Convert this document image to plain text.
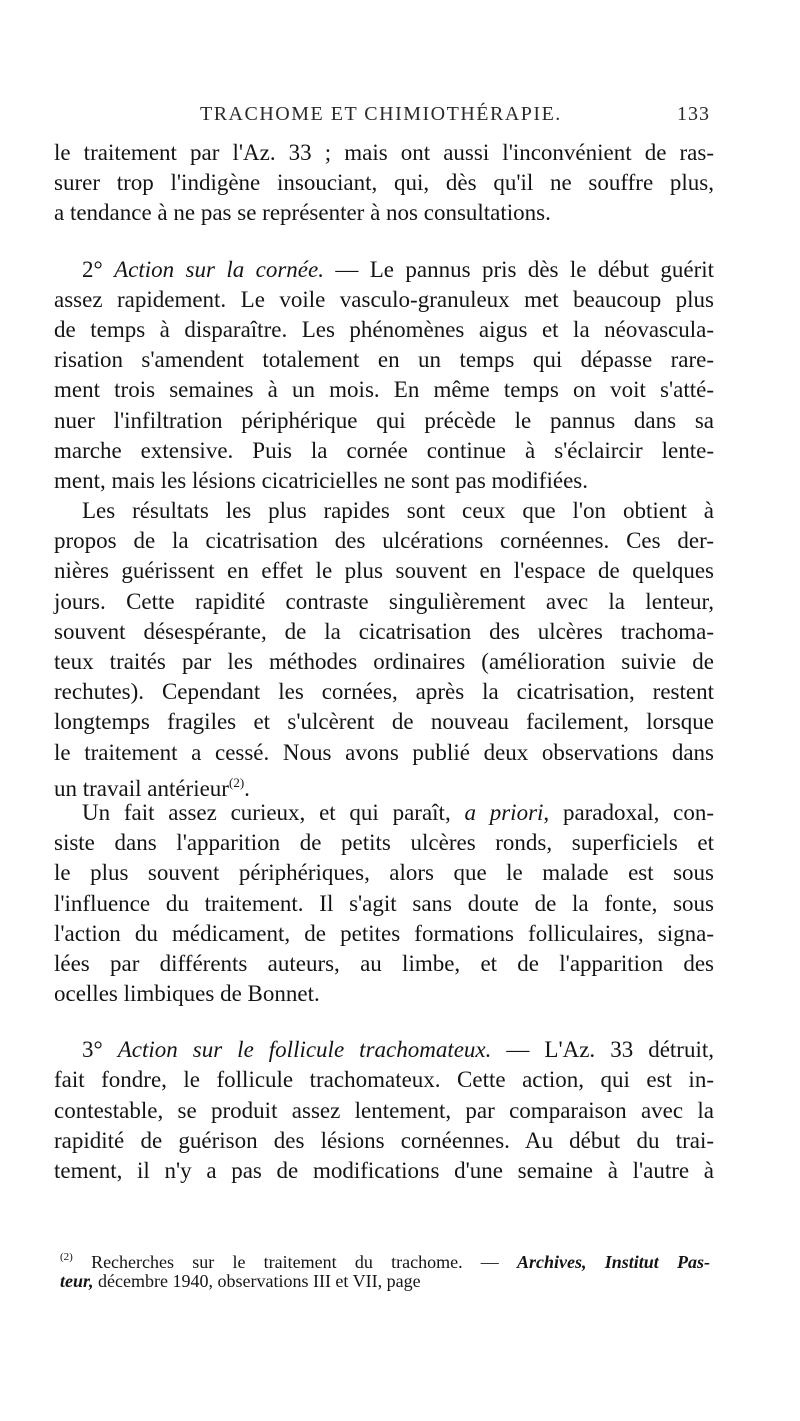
TRACHOME ET CHIMIOTHÉRAPIE.	133
le traitement par l'Az. 33 ; mais ont aussi l'inconvénient de ras-
surer trop l'indigène insouciant, qui, dès qu'il ne souffre plus,
a tendance à ne pas se représenter à nos consultations.
2° Action sur la cornée. — Le pannus pris dès le début guérit
assez rapidement. Le voile vasculo-granuleux met beaucoup plus
de temps à disparaître. Les phénomènes aigus et la néovascula-
risation s'amendent totalement en un temps qui dépasse rare-
ment trois semaines à un mois. En même temps on voit s'atté-
nuer l'infiltration périphérique qui précède le pannus dans sa
marche extensive. Puis la cornée continue à s'éclaircir lente-
ment, mais les lésions cicatricielles ne sont pas modifiées.
Les résultats les plus rapides sont ceux que l'on obtient à
propos de la cicatrisation des ulcérations cornéennes. Ces der-
nières guérissent en effet le plus souvent en l'espace de quelques
jours. Cette rapidité contraste singulièrement avec la lenteur,
souvent désespérante, de la cicatrisation des ulcères trachoma-
teux traités par les méthodes ordinaires (amélioration suivie de
rechutes). Cependant les cornées, après la cicatrisation, restent
longtemps fragiles et s'ulcèrent de nouveau facilement, lorsque
le traitement a cessé. Nous avons publié deux observations dans
un travail antérieur$^{(2)}$.
Un fait assez curieux, et qui paraît, a priori, paradoxal, con-
siste dans l'apparition de petits ulcères ronds, superficiels et
le plus souvent périphériques, alors que le malade est sous
l'influence du traitement. Il s'agit sans doute de la fonte, sous
l'action du médicament, de petites formations folliculaires, signa-
lées par différents auteurs, au limbe, et de l'apparition des
ocelles limbiques de Bonnet.
3° Action sur le follicule trachomateux. — L'Az. 33 détruit,
fait fondre, le follicule trachomateux. Cette action, qui est in-
contestable, se produit assez lentement, par comparaison avec la
rapidité de guérison des lésions cornéennes. Au début du trai-
tement, il n'y a pas de modifications d'une semaine à l'autre à
$^{(2)}$ Recherches sur le traitement du trachome. — Archives, Institut Pas-
teur, décembre 1940, observations III et VII, page
